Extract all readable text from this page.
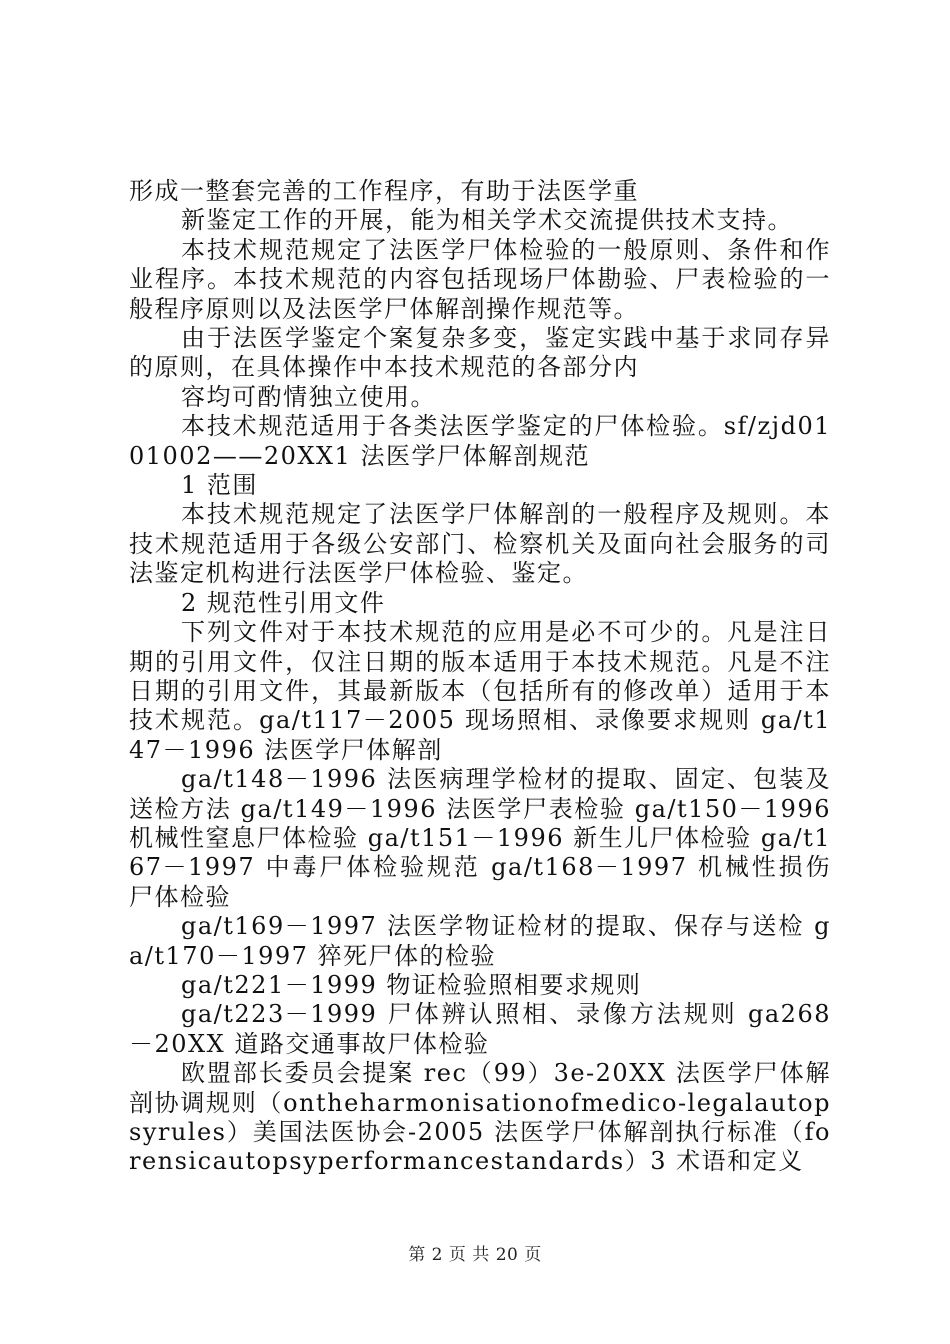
形成一整套完善的工作程序，有助于法医学重

新鉴定工作的开展，能为相关学术交流提供技术支持。

本技术规范规定了法医学尸体检验的一般原则、条件和作业程序。本技术规范的内容包括现场尸体勘验、尸表检验的一般程序原则以及法医学尸体解剖操作规范等。

由于法医学鉴定个案复杂多变，鉴定实践中基于求同存异的原则，在具体操作中本技术规范的各部分内

容均可酌情独立使用。

本技术规范适用于各类法医学鉴定的尸体检验。sf/zjd0101002——20XX1 法医学尸体解剖规范

1 范围

本技术规范规定了法医学尸体解剖的一般程序及规则。本技术规范适用于各级公安部门、检察机关及面向社会服务的司法鉴定机构进行法医学尸体检验、鉴定。

2 规范性引用文件

下列文件对于本技术规范的应用是必不可少的。凡是注日期的引用文件，仅注日期的版本适用于本技术规范。凡是不注日期的引用文件，其最新版本（包括所有的修改单）适用于本技术规范。ga/t117－2005 现场照相、录像要求规则 ga/t147－1996 法医学尸体解剖

ga/t148－1996 法医病理学检材的提取、固定、包装及送检方法 ga/t149－1996 法医学尸表检验 ga/t150－1996 机械性窒息尸体检验 ga/t151－1996 新生儿尸体检验 ga/t167－1997 中毒尸体检验规范 ga/t168－1997 机械性损伤尸体检验

ga/t169－1997 法医学物证检材的提取、保存与送检 ga/t170－1997 猝死尸体的检验

ga/t221－1999 物证检验照相要求规则

ga/t223－1999 尸体辨认照相、录像方法规则 ga268－20XX 道路交通事故尸体检验

欧盟部长委员会提案 rec（99）3e-20XX 法医学尸体解剖协调规则（ontheharmonisationofmedico-legalautopsyrules）美国法医协会-2005 法医学尸体解剖执行标准（forensicautopsyperformancestandards）3 术语和定义

第 2 页 共 20 页
